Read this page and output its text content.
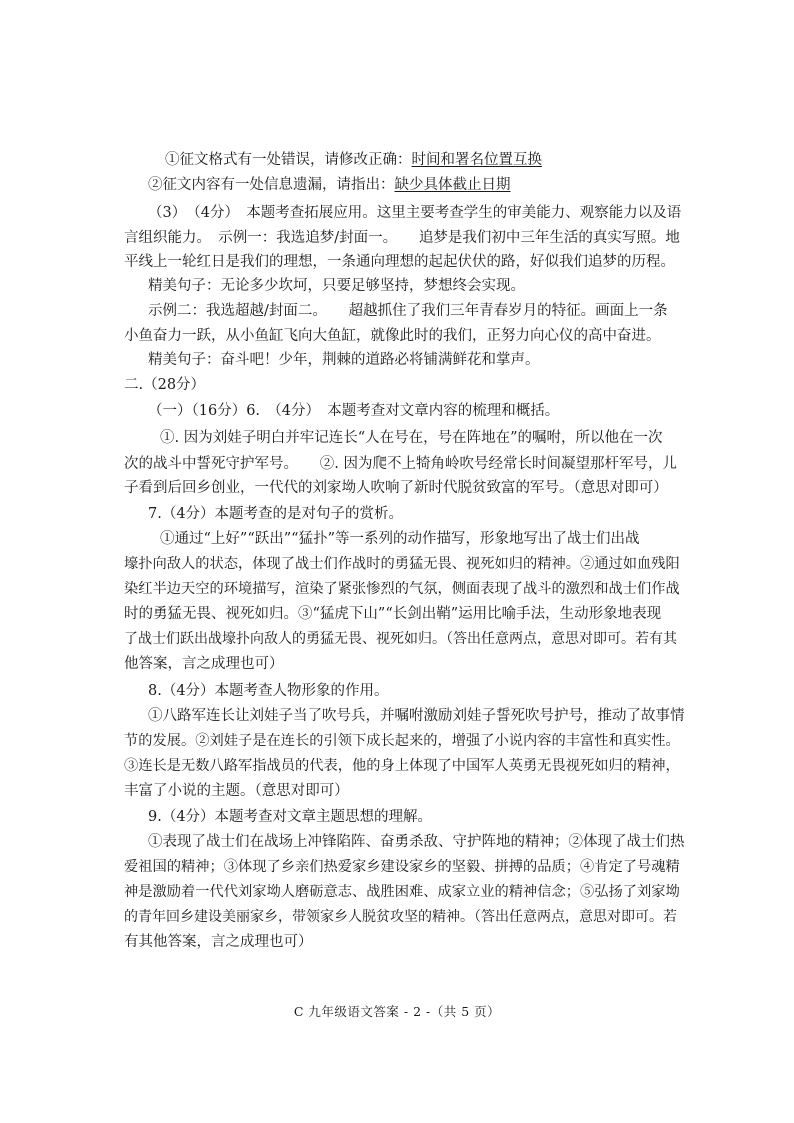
①征文格式有一处错误，请修改正确：时间和署名位置互换
②征文内容有一处信息遗漏，请指出：缺少具体截止日期
（3）　（4分）　本题考查拓展应用。这里主要考查学生的审美能力、观察能力以及语
言组织能力。　示例一：我选追梦/封面一。　　追梦是我们初中三年生活的真实写照。地
平线上一轮红日是我们的理想，一条通向理想的起起伏伏的路，好似我们追梦的历程。
精美句子：无论多少坎坷，只要足够坚持，梦想终会实现。
示例二：我选超越/封面二。　　超越抓住了我们三年青春岁月的特征。画面上一条
小鱼奋力一跃，从小鱼缸飞向大鱼缸，就像此时的我们，正努力向心仪的高中奋进。
精美句子：奋斗吧！少年，荆棘的道路必将铺满鲜花和掌声。
二.（28分）
（一）（16分）6.　（4分）　本题考查对文章内容的梳理和概括。
①. 因为刘娃子明白并牢记连长“人在号在，号在阵地在”的嘱咐，所以他在一次
次的战斗中誓死守护军号。　　②. 因为爬不上犄角岭吹号经常长时间凝望那杆军号，儿
子看到后回乡创业，一代代的刘家坳人吹响了新时代脱贫致富的军号。（意思对即可）
7.（4分）本题考查的是对句子的赏析。
①通过“上好”“跃出”“猛扑”等一系列的动作描写，形象地写出了战士们出战
壕扑向敌人的状态，体现了战士们作战时的勇猛无畏、视死如归的精神。②通过如血残阳
染红半边天空的环境描写，渲染了紧张惨烈的气氛，侧面表现了战斗的激烈和战士们作战
时的勇猛无畏、视死如归。③“猛虎下山”“长剑出鞘”运用比喻手法，生动形象地表现
了战士们跃出战壕扑向敌人的勇猛无畏、视死如归。（答出任意两点，意思对即可。若有其
他答案，言之成理也可）
8.（4分）本题考查人物形象的作用。
①八路军连长让刘娃子当了吹号兵，并嘱咐激励刘娃子誓死吹号护号，推动了故事情
节的发展。②刘娃子是在连长的引领下成长起来的，增强了小说内容的丰富性和真实性。
③连长是无数八路军指战员的代表，他的身上体现了中国军人英勇无畏视死如归的精神，
丰富了小说的主题。（意思对即可）
9.（4分）本题考查对文章主题思想的理解。
①表现了战士们在战场上冲锋陷阵、奋勇杀敌、守护阵地的精神；②体现了战士们热
爱祖国的精神；③体现了乡亲们热爱家乡建设家乡的坚毅、拼搏的品质；④肯定了号魂精
神是激励着一代代刘家坳人磨砺意志、战胜困难、成家立业的精神信念；⑤弘扬了刘家坳
的青年回乡建设美丽家乡，带领家乡人脱贫攻坚的精神。（答出任意两点，意思对即可。若
有其他答案，言之成理也可）
C 九年级语文答案 - 2 -（共 5 页）
